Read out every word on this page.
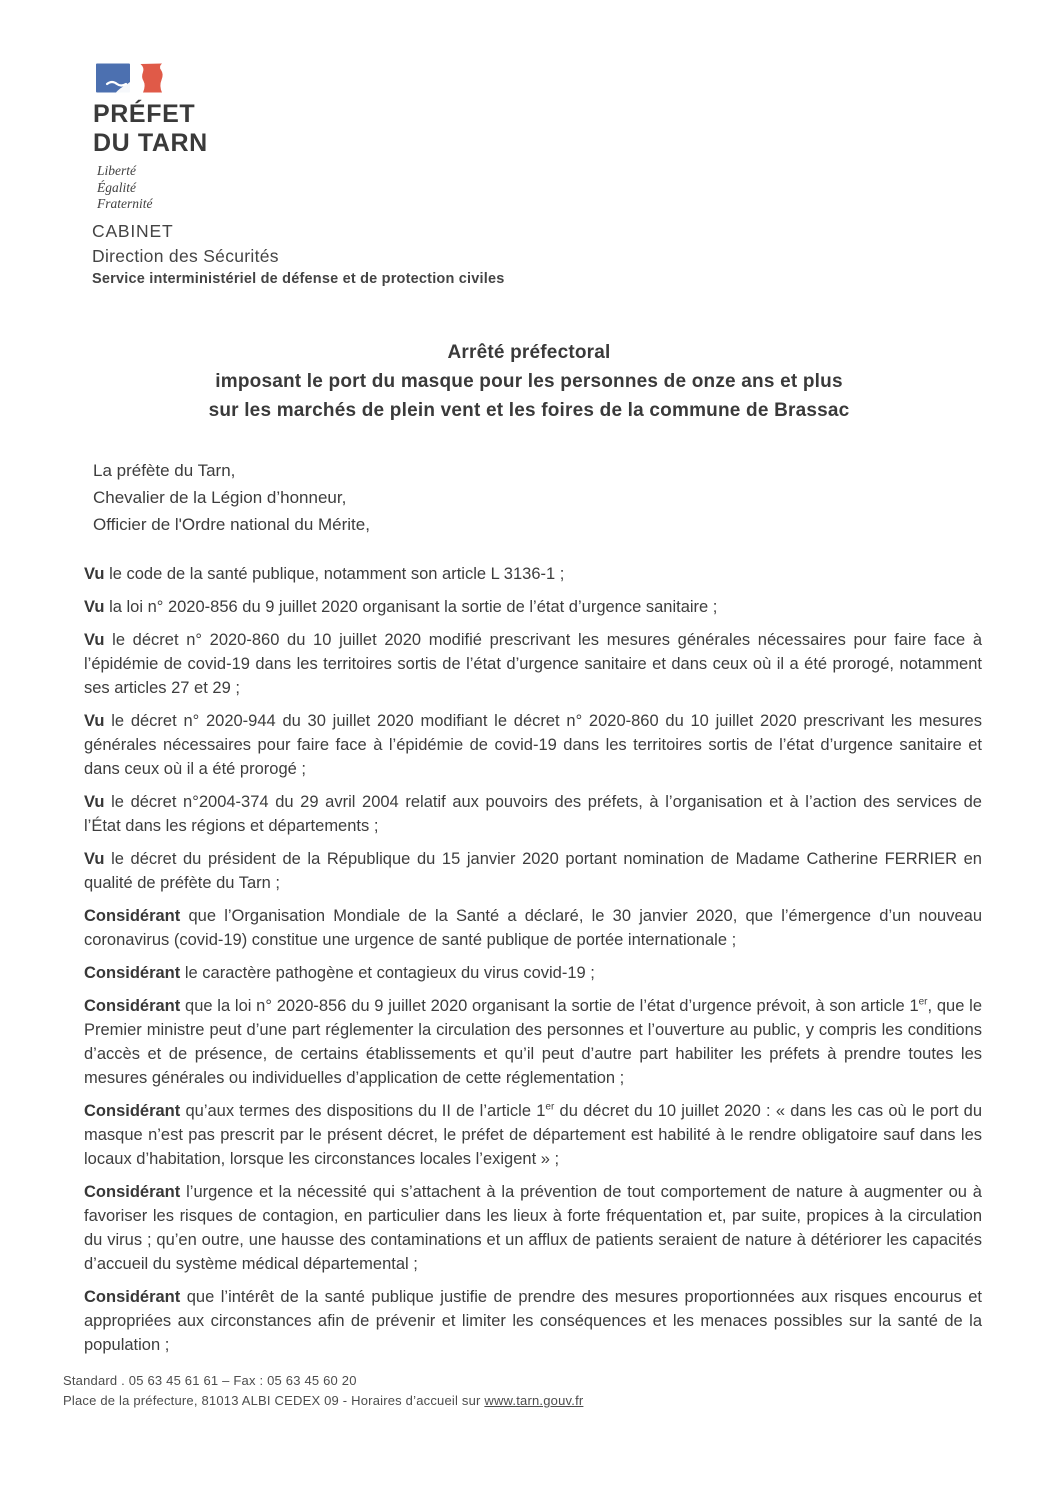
PRÉFET
DU TARN
Liberté
Égalité
Fraternité
CABINET
Direction des Sécurités
Service interministériel de défense et de protection civiles
Arrêté préfectoral
imposant le port du masque pour les personnes de onze ans et plus
sur les marchés de plein vent et les foires de la commune de Brassac
La préfète du Tarn,
Chevalier de la Légion d’honneur,
Officier de l'Ordre national du Mérite,

Vu le code de la santé publique, notamment son article L 3136-1 ;

Vu la loi n° 2020-856 du 9 juillet 2020 organisant la sortie de l’état d’urgence sanitaire ;

Vu le décret n° 2020-860 du 10 juillet 2020 modifié prescrivant les mesures générales nécessaires pour faire face à l’épidémie de covid-19 dans les territoires sortis de l’état d’urgence sanitaire et dans ceux où il a été prorogé, notamment ses articles 27 et 29 ;

Vu le décret n° 2020-944 du 30 juillet 2020 modifiant le décret n° 2020-860 du 10 juillet 2020 prescrivant les mesures générales nécessaires pour faire face à l’épidémie de covid-19 dans les territoires sortis de l’état d’urgence sanitaire et dans ceux où il a été prorogé ;

Vu le décret n°2004-374 du 29 avril 2004 relatif aux pouvoirs des préfets, à l’organisation et à l’action des services de l’État dans les régions et départements ;

Vu le décret du président de la République du 15 janvier 2020 portant nomination de Madame Catherine FERRIER en qualité de préfète du Tarn ;

Considérant que l’Organisation Mondiale de la Santé a déclaré, le 30 janvier 2020, que l’émergence d’un nouveau coronavirus (covid-19) constitue une urgence de santé publique de portée internationale ;

Considérant le caractère pathogène et contagieux du virus covid-19 ;

Considérant que la loi n° 2020-856 du 9 juillet 2020 organisant la sortie de l’état d’urgence prévoit, à son article 1er, que le Premier ministre peut d’une part réglementer la circulation des personnes et l’ouverture au public, y compris les conditions d’accès et de présence, de certains établissements et qu’il peut d’autre part habiliter les préfets à prendre toutes les mesures générales ou individuelles d’application de cette réglementation ;

Considérant qu’aux termes des dispositions du II de l’article 1er du décret du 10 juillet 2020 : « dans les cas où le port du masque n’est pas prescrit par le présent décret, le préfet de département est habilité à le rendre obligatoire sauf dans les locaux d’habitation, lorsque les circonstances locales l’exigent » ;

Considérant l’urgence et la nécessité qui s’attachent à la prévention de tout comportement de nature à augmenter ou à favoriser les risques de contagion, en particulier dans les lieux à forte fréquentation et, par suite, propices à la circulation du virus ; qu’en outre, une hausse des contaminations et un afflux de patients seraient de nature à détériorer les capacités d’accueil du système médical départemental ;

Considérant que l’intérêt de la santé publique justifie de prendre des mesures proportionnées aux risques encourus et appropriées aux circonstances afin de prévenir et limiter les conséquences et les menaces possibles sur la santé de la population ;

Standard . 05 63 45 61 61 – Fax : 05 63 45 60 20
Place de la préfecture, 81013 ALBI CEDEX 09 - Horaires d’accueil sur www.tarn.gouv.fr
